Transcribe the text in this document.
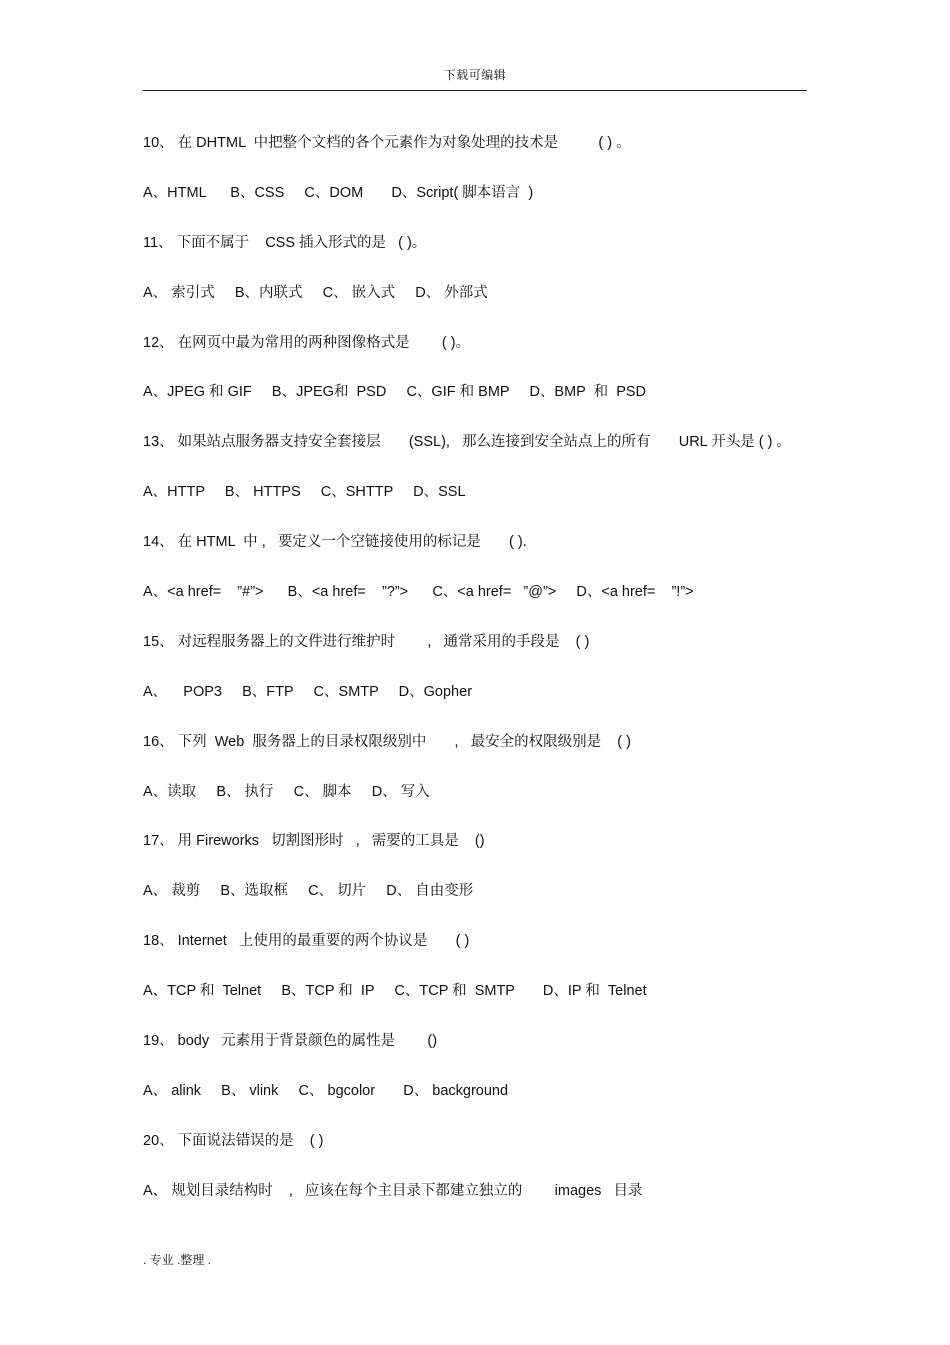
下载可编辑
10、 在 DHTML  中把整个文档的各个元素作为对象处理的技术是          ( ) 。
A、HTML      B、CSS     C、DOM       D、Script( 脚本语言  )
11、 下面不属于    CSS 插入形式的是   ( )。
A、 索引式     B、内联式     C、 嵌入式     D、 外部式
12、 在网页中最为常用的两种图像格式是        ( )。
A、JPEG 和 GIF     B、JPEG和  PSD     C、GIF 和 BMP     D、BMP  和  PSD
13、 如果站点服务器支持安全套接层       (SSL),   那么连接到安全站点上的所有       URL 开头是 ( ) 。
A、HTTP     B、 HTTPS     C、SHTTP     D、SSL
14、 在 HTML  中 ,   要定义一个空链接使用的标记是       ( ).
A、<a href=    ”#”>      B、<a href=    ”?”>      C、<a href=   ”@”>     D、<a href=    ”!”>
15、 对远程服务器上的文件进行维护时        ,   通常采用的手段是    ( )
A、    POP3     B、FTP     C、SMTP     D、Gopher
16、 下列  Web  服务器上的目录权限级别中       ,   最安全的权限级别是    ( )
A、读取     B、 执行     C、 脚本     D、 写入
17、 用 Fireworks   切割图形时   ,   需要的工具是    ()
A、 裁剪     B、选取框     C、 切片     D、 自由变形
18、 Internet   上使用的最重要的两个协议是       ( )
A、TCP 和  Telnet     B、TCP 和  IP     C、TCP 和  SMTP       D、IP 和  Telnet
19、 body   元素用于背景颜色的属性是        ()
A、 alink     B、 vlink     C、 bgcolor       D、 background
20、 下面说法错误的是    ( )
A、 规划目录结构时    ,   应该在每个主目录下都建立独立的        images   目录
. 专业 .整理 .
